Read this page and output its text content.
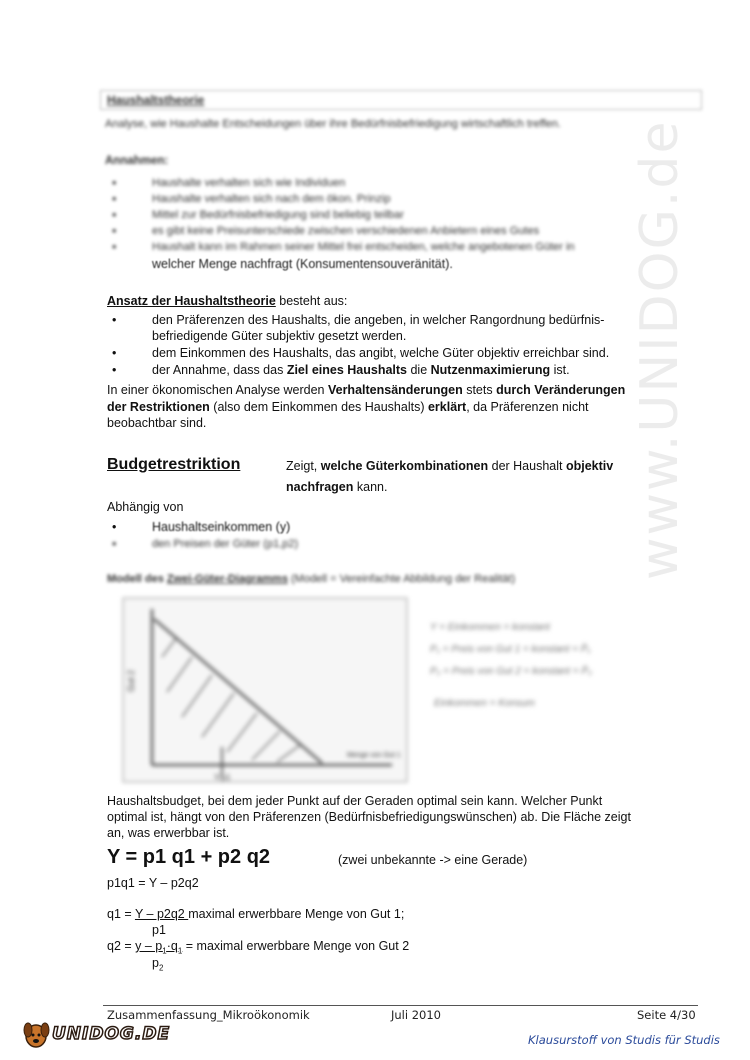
www.UNIDOG.de
Haushaltstheorie
Analyse, wie Haushalte Entscheidungen über ihre Bedürfnisbefriedigung wirtschaftlich treffen.
Annahmen:
•	Haushalte verhalten sich wie Individuen
•	Haushalte verhalten sich nach dem ökon. Prinzip
•	Mittel zur Bedürfnisbefriedigung sind beliebig teilbar
•	es gibt keine Preisunterschiede zwischen verschiedenen Anbietern eines Gutes
•	Haushalt kann im Rahmen seiner Mittel frei entscheiden, welche angebotenen Güter in
welcher Menge nachfragt (Konsumentensouveränität).
Ansatz der Haushaltstheorie besteht aus:
•	den Präferenzen des Haushalts, die angeben, in welcher Rangordnung bedürfnis-
befriedigende Güter subjektiv gesetzt werden.
•	dem Einkommen des Haushalts, das angibt, welche Güter objektiv erreichbar sind.
•	der Annahme, dass das Ziel eines Haushalts die Nutzenmaximierung ist.
In einer ökonomischen Analyse werden Verhaltensänderungen stets durch Veränderungen
der Restriktionen (also dem Einkommen des Haushalts) erklärt, da Präferenzen nicht
beobachtbar sind.
Budgetrestriktion	Zeigt, welche Güterkombinationen der Haushalt objektiv
nachfragen kann.
Abhängig von
•	Haushaltseinkommen (y)
•	den Preisen der Güter (p1,p2)
Modell des Zwei-Güter-Diagramms (Modell = Vereinfachte Abbildung der Realität)
Gut 2
Y/p1
Menge von Gut 1
Y = Einkommen = konstant
P₁ = Preis von Gut 1 = konstant = P̄₁
P₂ = Preis von Gut 2 = konstant = P̄₂
Einkommen = Konsum
Haushaltsbudget, bei dem jeder Punkt auf der Geraden optimal sein kann. Welcher Punkt
optimal ist, hängt von den Präferenzen (Bedürfnisbefriedigungswünschen) ab. Die Fläche zeigt
an, was erwerbbar ist.
Y = p1 q1 + p2 q2	(zwei unbekannte -> eine Gerade)
p1q1 = Y – p2q2
q1 = Y – p2q2 maximal erwerbbare Menge von Gut 1;
p1
$q2 = y - p_1\cdot q_1$ = maximal erwerbbare Menge von Gut 2
$p_2$
Zusammenfassung_Mikroökonomik	Juli 2010	Seite 4/30
UNIDOG.DE	Klausurstoff von Studis für Studis
